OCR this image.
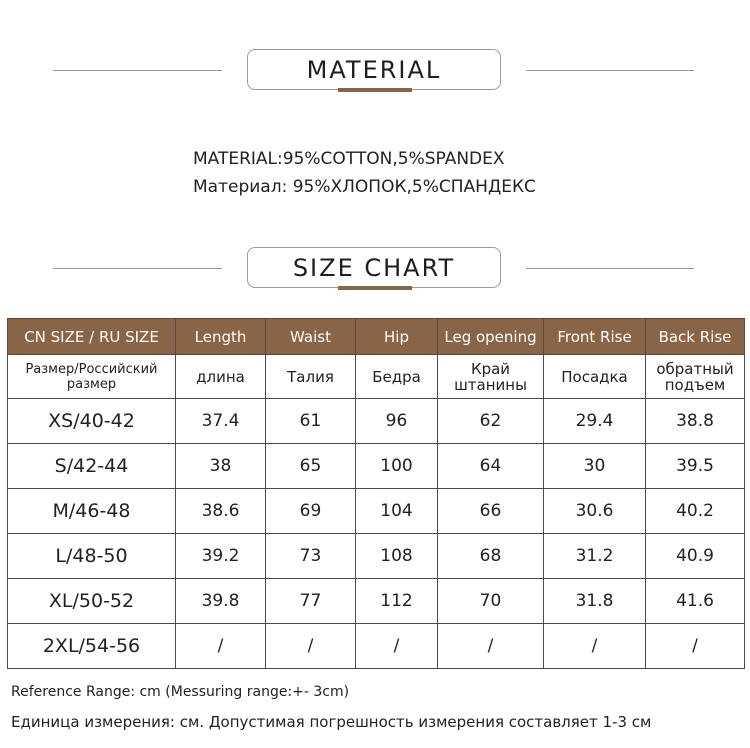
MATERIAL
MATERIAL:95%COTTON,5%SPANDEX
Материал: 95%ХЛОПОК,5%СПАНДЕКС
SIZE CHART
CN SIZE / RU SIZE	Length	Waist	Hip	Leg opening	Front Rise	Back Rise
Размер/Российский размер	длина	Талия	Бедра	Край штанины	Посадка	обратный подъем
XS/40-42	37.4	61	96	62	29.4	38.8
S/42-44	38	65	100	64	30	39.5
M/46-48	38.6	69	104	66	30.6	40.2
L/48-50	39.2	73	108	68	31.2	40.9
XL/50-52	39.8	77	112	70	31.8	41.6
2XL/54-56	/	/	/	/	/	/
Reference Range: cm (Messuring range:+- 3cm)
Единица измерения: см. Допустимая погрешность измерения составляет 1-3 см
